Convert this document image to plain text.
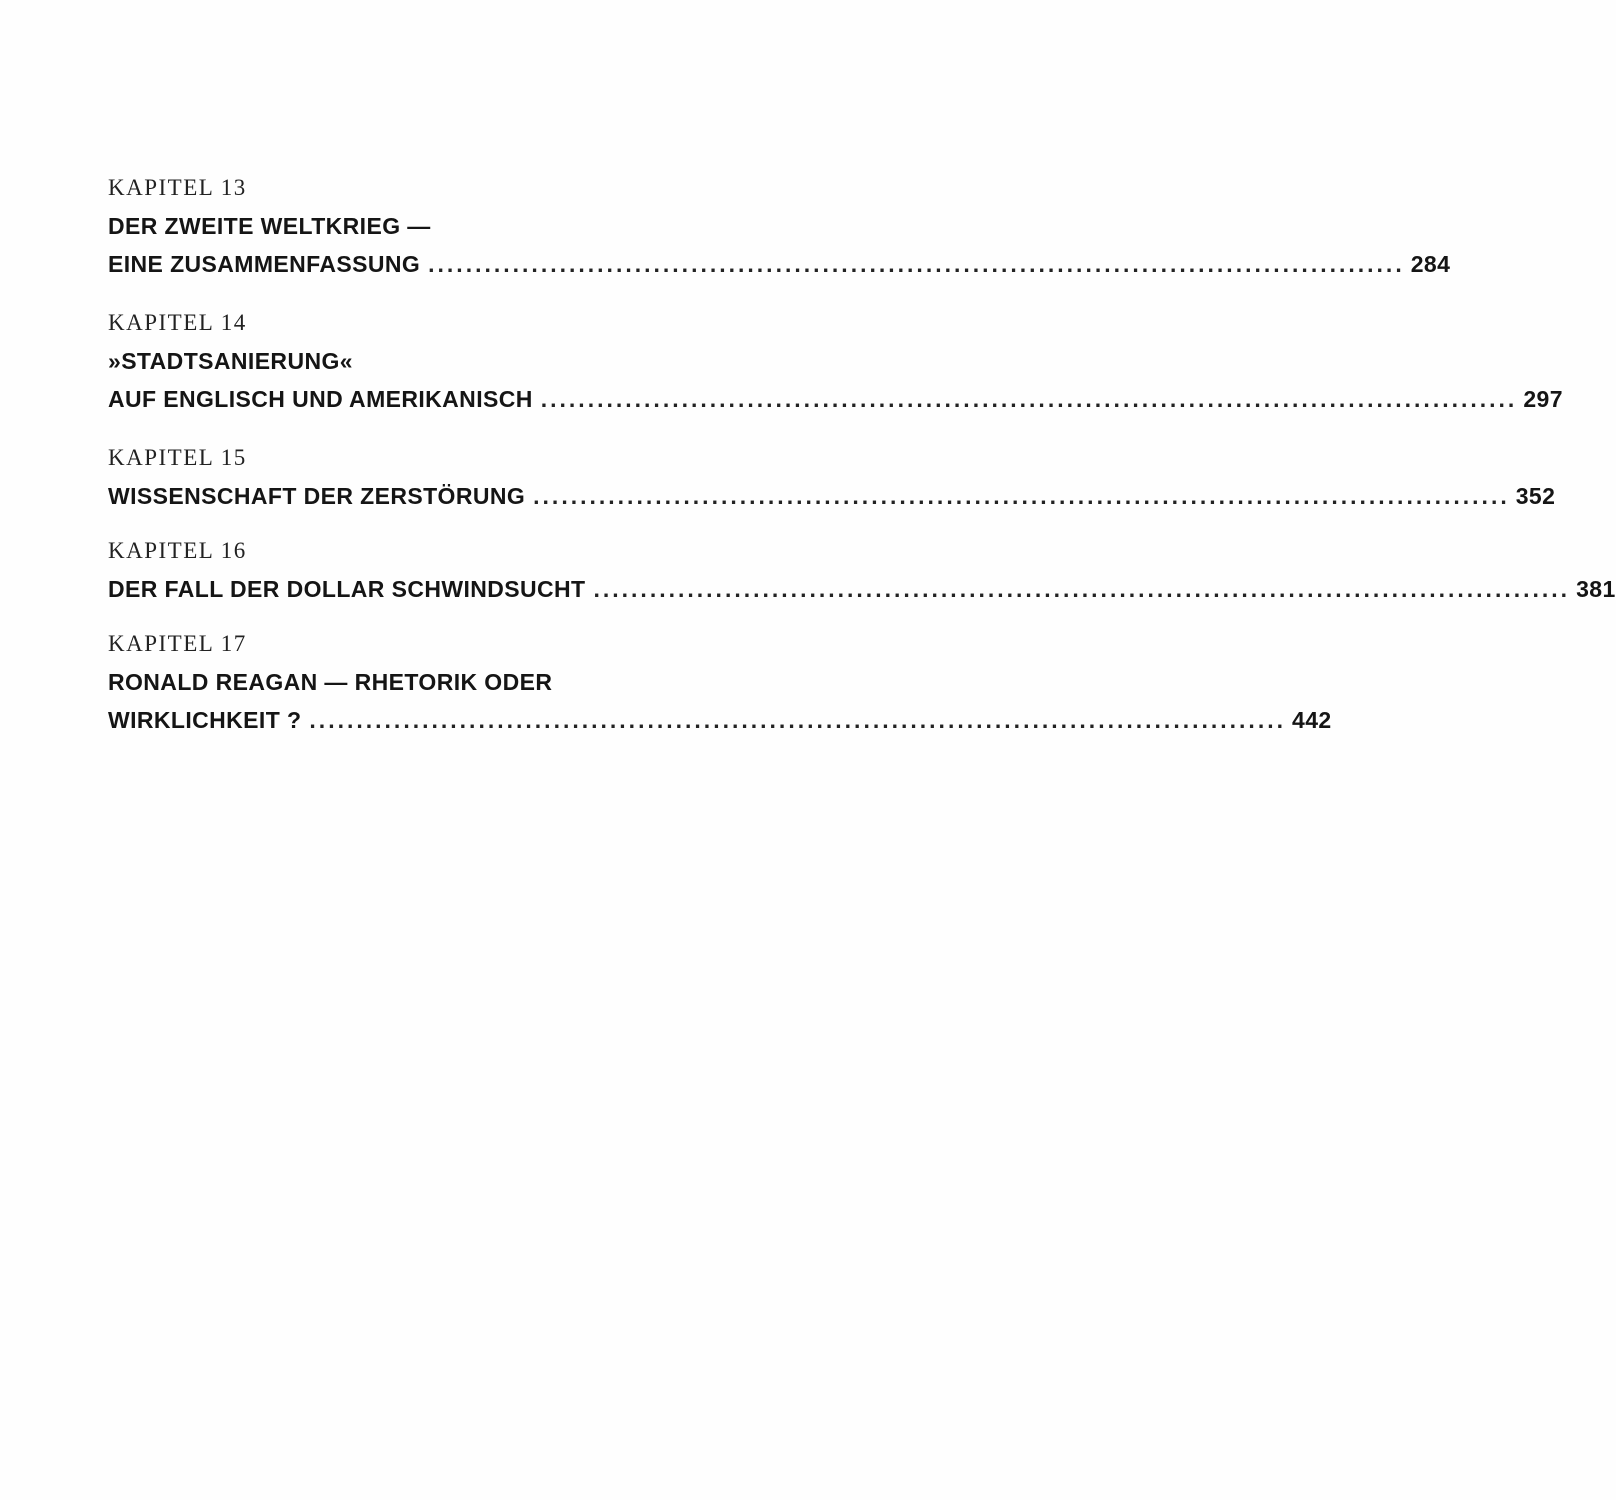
KAPITEL 13
DER ZWEITE WELTKRIEG —
EINE ZUSAMMENFASSUNG ........................................................................................................ 284
KAPITEL 14
»STADTSANIERUNG«
AUF ENGLISCH UND AMERIKANISCH ........................................................................................................ 297
KAPITEL 15
WISSENSCHAFT DER ZERSTÖRUNG ........................................................................................................ 352
KAPITEL 16
DER FALL DER DOLLAR SCHWINDSUCHT ........................................................................................................ 381
KAPITEL 17
RONALD REAGAN — RHETORIK ODER
WIRKLICHKEIT ? ........................................................................................................ 442
